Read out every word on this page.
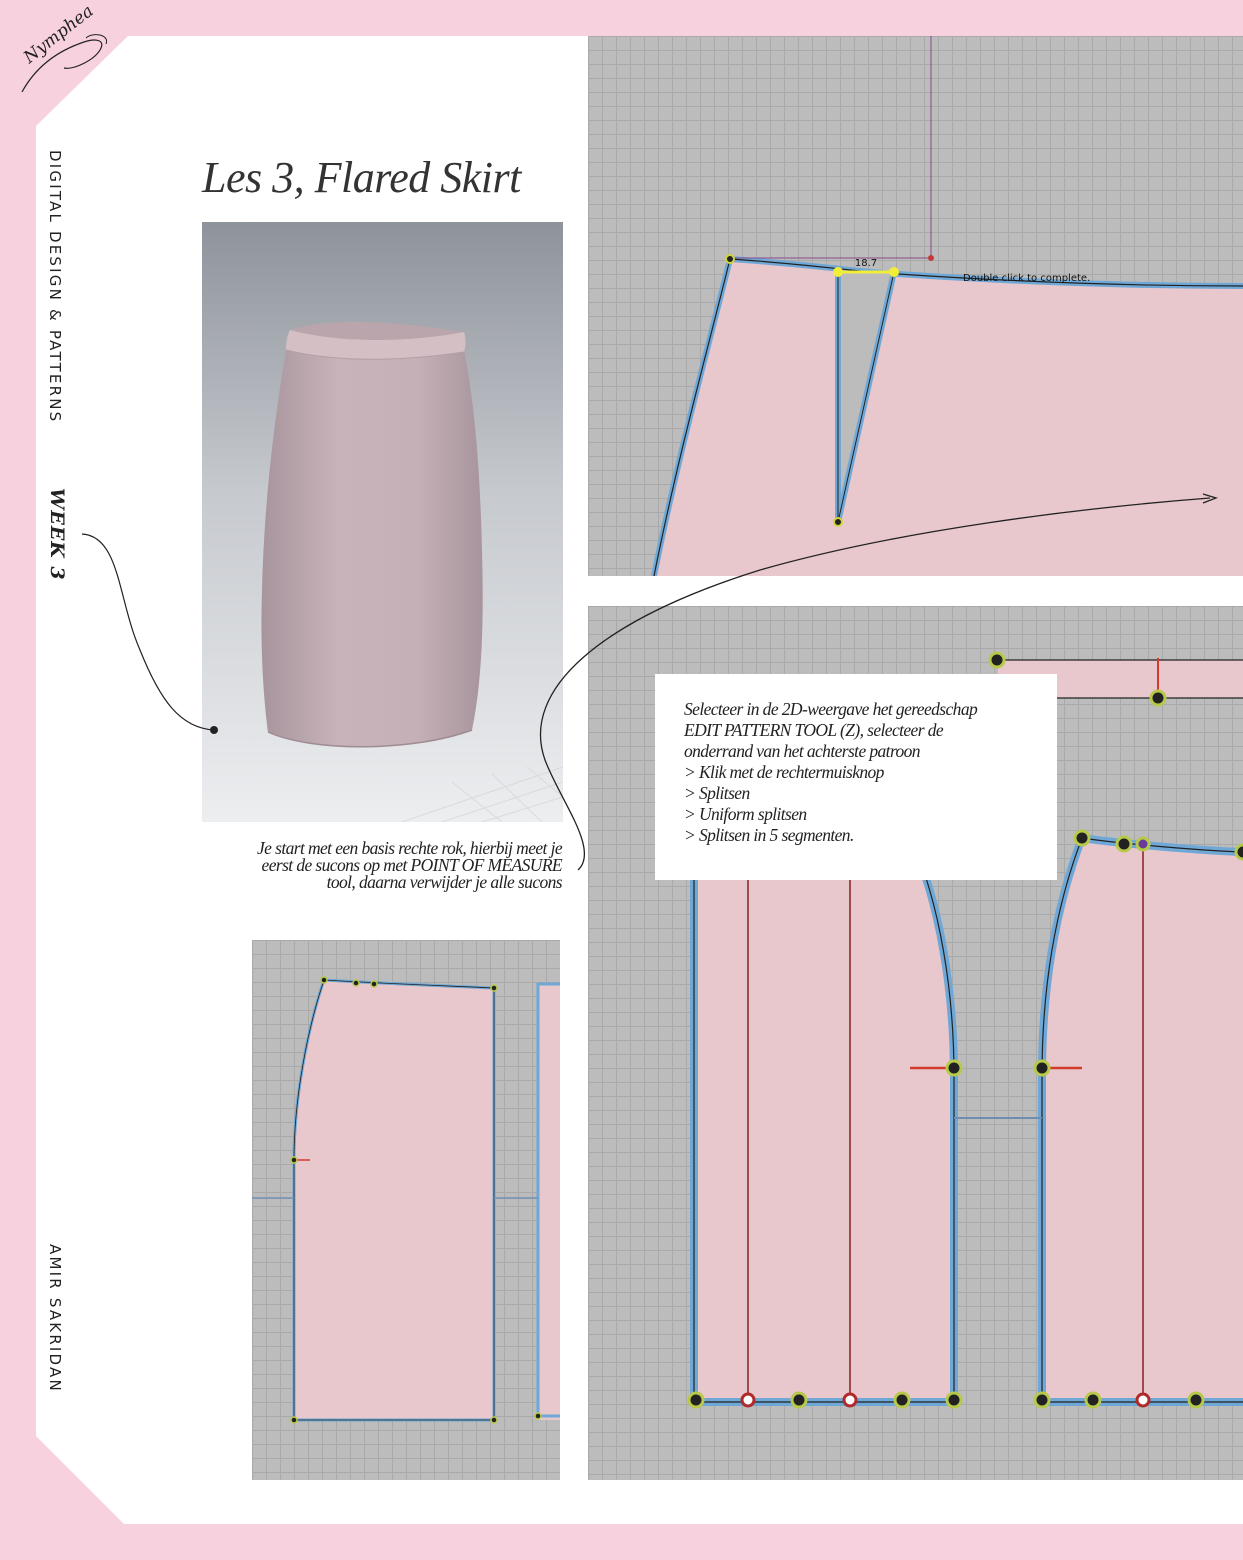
Nymphea
DIGITAL DESIGN & PATTERNS
WEEK 3
AMIR SAKRIDAN
Les 3, Flared Skirt
Je start met een basis rechte rok, hierbij meet je eerst de sucons op met POINT OF MEASURE tool, daarna verwijder je alle sucons
18.7
Double click to complete.
Selecteer in de 2D-weergave het gereedschap
EDIT PATTERN TOOL (Z), selecteer de
onderrand van het achterste patroon
> Klik met de rechtermuisknop
> Splitsen
> Uniform splitsen
> Splitsen in 5 segmenten.
